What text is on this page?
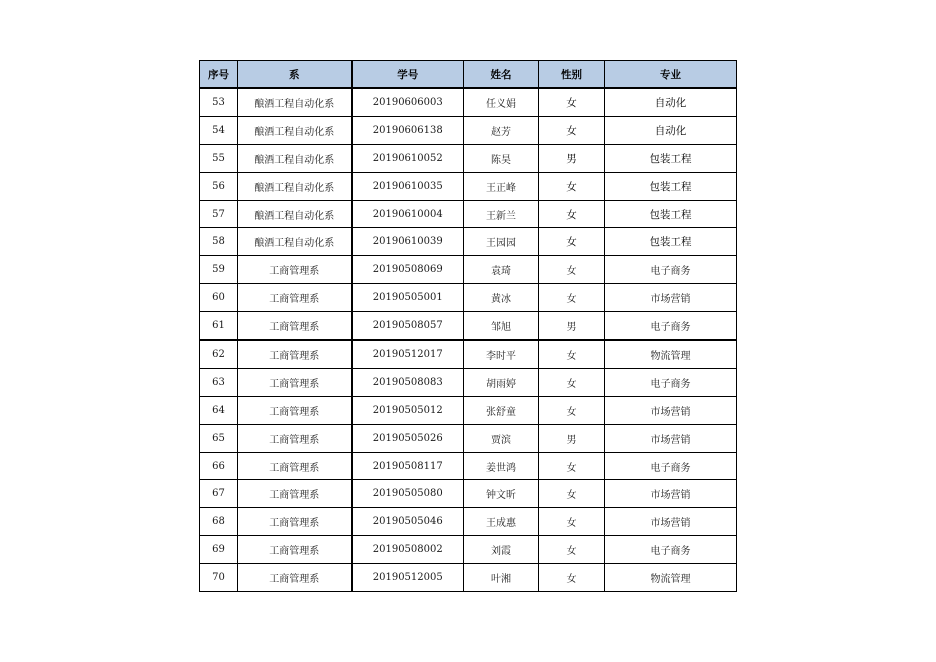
序号	系	学号	姓名	性别	专业
53	酿酒工程自动化系	20190606003	任义娟	女	自动化
54	酿酒工程自动化系	20190606138	赵芳	女	自动化
55	酿酒工程自动化系	20190610052	陈昊	男	包装工程
56	酿酒工程自动化系	20190610035	王正峰	女	包装工程
57	酿酒工程自动化系	20190610004	王新兰	女	包装工程
58	酿酒工程自动化系	20190610039	王园园	女	包装工程
59	工商管理系	20190508069	袁琦	女	电子商务
60	工商管理系	20190505001	黄冰	女	市场营销
61	工商管理系	20190508057	邹旭	男	电子商务
62	工商管理系	20190512017	李时平	女	物流管理
63	工商管理系	20190508083	胡雨婷	女	电子商务
64	工商管理系	20190505012	张舒童	女	市场营销
65	工商管理系	20190505026	贾滨	男	市场营销
66	工商管理系	20190508117	姜世鸿	女	电子商务
67	工商管理系	20190505080	钟文昕	女	市场营销
68	工商管理系	20190505046	王成惠	女	市场营销
69	工商管理系	20190508002	刘霞	女	电子商务
70	工商管理系	20190512005	叶湘	女	物流管理
